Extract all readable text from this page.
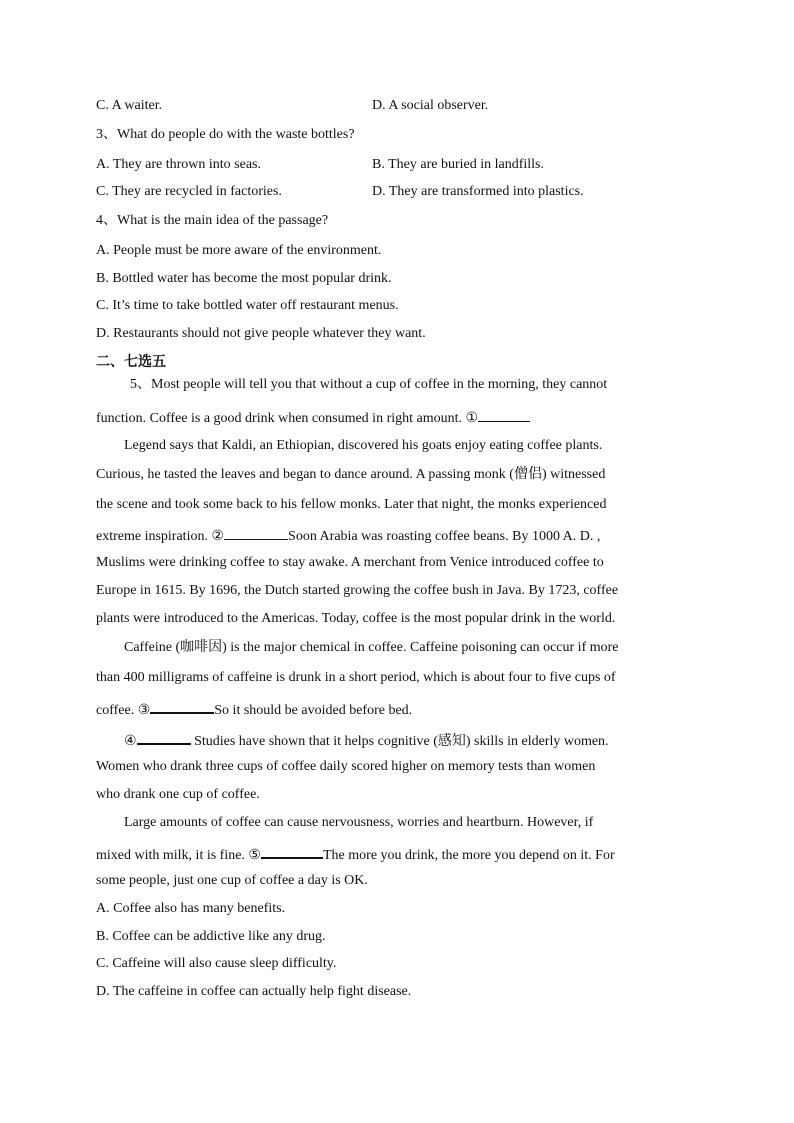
C. A waiter.	D. A social observer.
3、What do people do with the waste bottles?
A. They are thrown into seas.	B. They are buried in landfills.
C. They are recycled in factories.	D. They are transformed into plastics.
4、What is the main idea of the passage?
A. People must be more aware of the environment.
B. Bottled water has become the most popular drink.
C. It’s time to take bottled water off restaurant menus.
D. Restaurants should not give people whatever they want.
二、七选五
5、Most people will tell you that without a cup of coffee in the morning, they cannot
function. Coffee is a good drink when consumed in right amount. ①
Legend says that Kaldi, an Ethiopian, discovered his goats enjoy eating coffee plants.
Curious, he tasted the leaves and began to dance around. A passing monk (僧侣) witnessed
the scene and took some back to his fellow monks. Later that night, the monks experienced
extreme inspiration. ②	Soon Arabia was roasting coffee beans. By 1000 A. D. ,
Muslims were drinking coffee to stay awake. A merchant from Venice introduced coffee to
Europe in 1615. By 1696, the Dutch started growing the coffee bush in Java. By 1723, coffee
plants were introduced to the Americas. Today, coffee is the most popular drink in the world.
Caffeine (咖啡因) is the major chemical in coffee. Caffeine poisoning can occur if more
than 400 milligrams of caffeine is drunk in a short period, which is about four to five cups of
coffee. ③	So it should be avoided before bed.
④	Studies have shown that it helps cognitive (感知) skills in elderly women.
Women who drank three cups of coffee daily scored higher on memory tests than women
who drank one cup of coffee.
Large amounts of coffee can cause nervousness, worries and heartburn. However, if
mixed with milk, it is fine. ⑤	The more you drink, the more you depend on it. For
some people, just one cup of coffee a day is OK.
A. Coffee also has many benefits.
B. Coffee can be addictive like any drug.
C. Caffeine will also cause sleep difficulty.
D. The caffeine in coffee can actually help fight disease.
